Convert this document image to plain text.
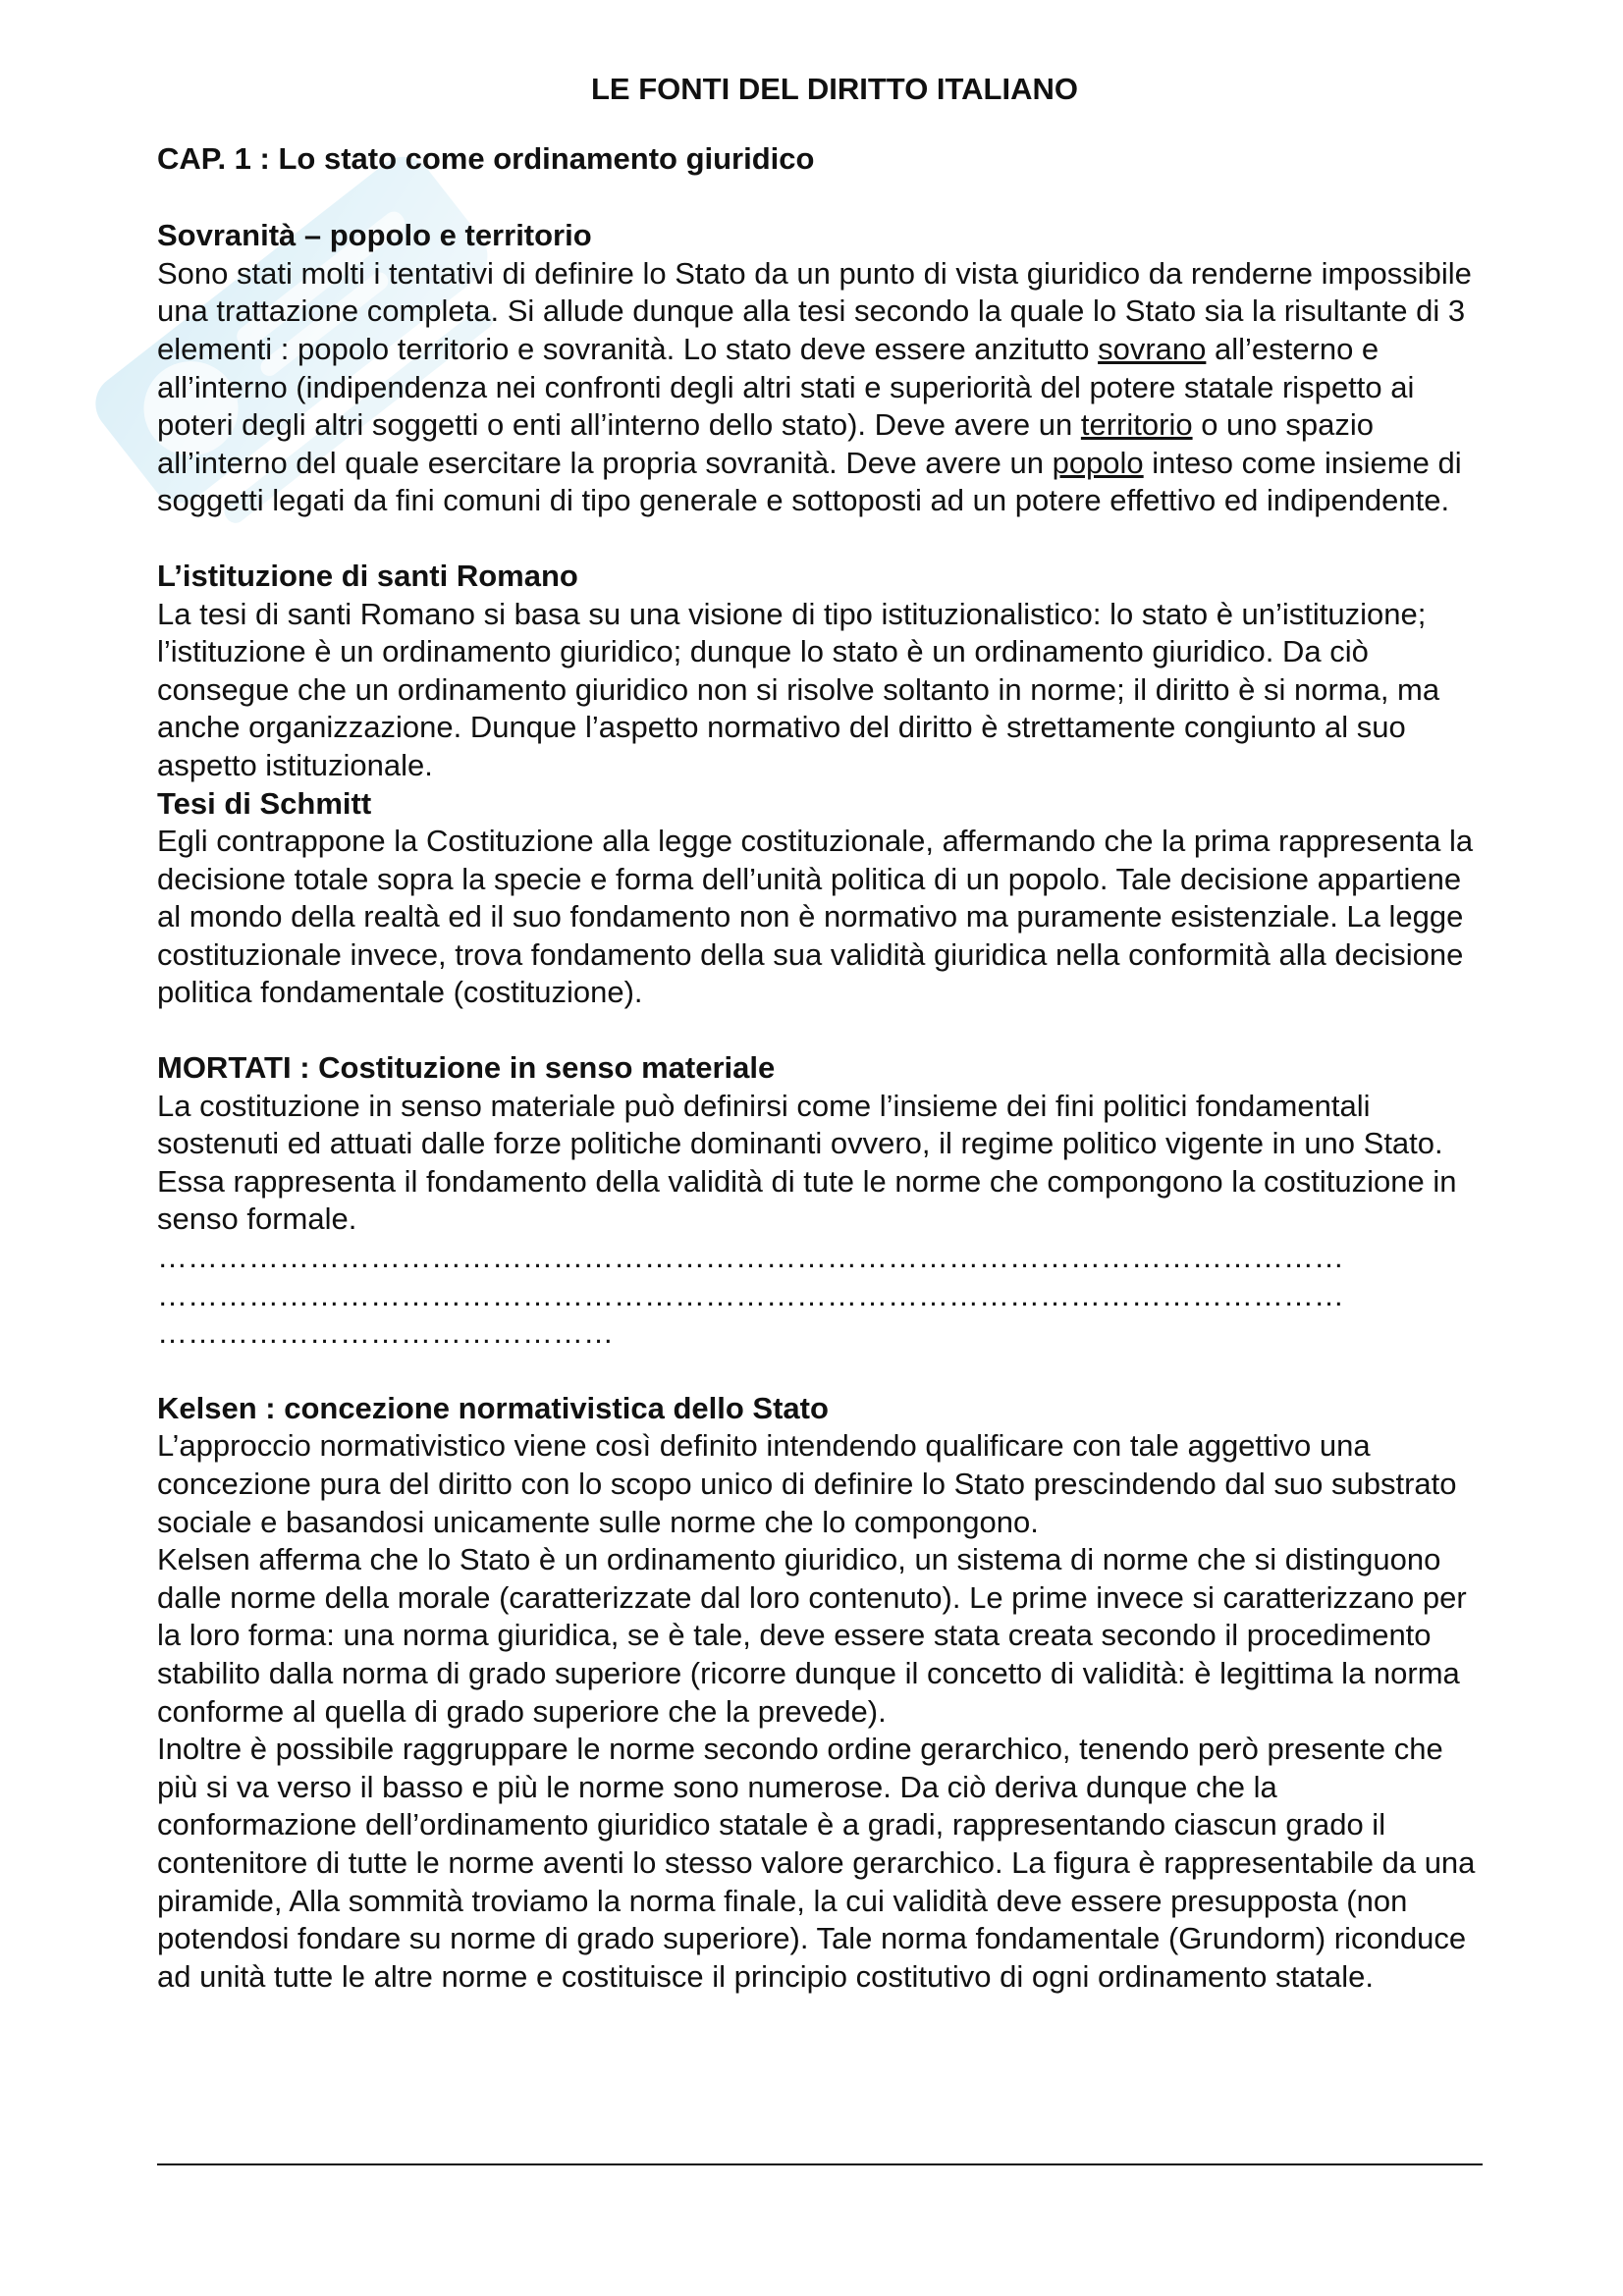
LE FONTI DEL DIRITTO ITALIANO
CAP. 1 : Lo stato come ordinamento giuridico
Sovranità – popolo e territorio

Sono stati molti i tentativi di definire lo Stato da un punto di vista giuridico da renderne impossibile una trattazione completa. Si allude dunque alla tesi secondo la quale lo Stato sia la risultante di 3 elementi : popolo territorio e sovranità. Lo stato deve essere anzitutto sovrano all’esterno e all’interno (indipendenza nei confronti degli altri stati e superiorità del potere statale rispetto ai poteri degli altri soggetti o enti all’interno dello stato). Deve avere un territorio o uno spazio all’interno del quale esercitare la propria sovranità. Deve avere un popolo inteso come insieme di soggetti legati da fini comuni di tipo generale e sottoposti ad un potere effettivo ed indipendente.

L’istituzione di santi Romano

La tesi di santi Romano si basa su una visione di tipo istituzionalistico: lo stato è un’istituzione; l’istituzione è un ordinamento giuridico; dunque lo stato è un ordinamento giuridico. Da ciò consegue che un ordinamento giuridico non si risolve soltanto in norme; il diritto è si norma, ma anche organizzazione. Dunque l’aspetto normativo del diritto è strettamente congiunto al suo aspetto istituzionale.

Tesi di Schmitt

Egli contrappone la Costituzione alla legge costituzionale, affermando che la prima rappresenta la decisione totale sopra la specie e forma dell’unità politica di un popolo. Tale decisione appartiene al mondo della realtà ed il suo fondamento non è normativo ma puramente esistenziale. La legge costituzionale invece, trova fondamento della sua validità giuridica nella conformità alla decisione politica fondamentale (costituzione).

MORTATI : Costituzione in senso materiale

La costituzione in senso materiale può definirsi come l’insieme dei fini politici fondamentali sostenuti ed attuati dalle forze politiche dominanti ovvero, il regime politico vigente in uno Stato. Essa rappresenta il fondamento della validità di tute le norme che compongono la costituzione in senso formale.

………………………………………………………………………………………………………
………………………………………………………………………………………………………
………………………………………
Kelsen : concezione normativistica dello Stato

L’approccio normativistico viene così definito intendendo qualificare con tale aggettivo una concezione pura del diritto con lo scopo unico di definire lo Stato prescindendo dal suo substrato sociale e basandosi unicamente sulle norme che lo compongono.

Kelsen afferma che lo Stato è un ordinamento giuridico, un sistema di norme che si distinguono dalle norme della morale (caratterizzate dal loro contenuto). Le prime invece si caratterizzano per la loro forma: una norma giuridica, se è tale, deve essere stata creata secondo il procedimento stabilito dalla norma di grado superiore (ricorre dunque il concetto di validità: è legittima la norma conforme al quella di grado superiore che la prevede).

Inoltre è possibile raggruppare le norme secondo ordine gerarchico, tenendo però presente che più si va verso il basso e più le norme sono numerose. Da ciò deriva dunque che la conformazione dell’ordinamento giuridico statale è a gradi, rappresentando ciascun grado il contenitore di tutte le norme aventi lo stesso valore gerarchico. La figura è rappresentabile da una piramide, Alla sommità troviamo la norma finale, la cui validità deve essere presupposta (non potendosi fondare su norme di grado superiore). Tale norma fondamentale (Grundorm) riconduce ad unità tutte le altre norme e costituisce il principio costitutivo di ogni ordinamento statale.
